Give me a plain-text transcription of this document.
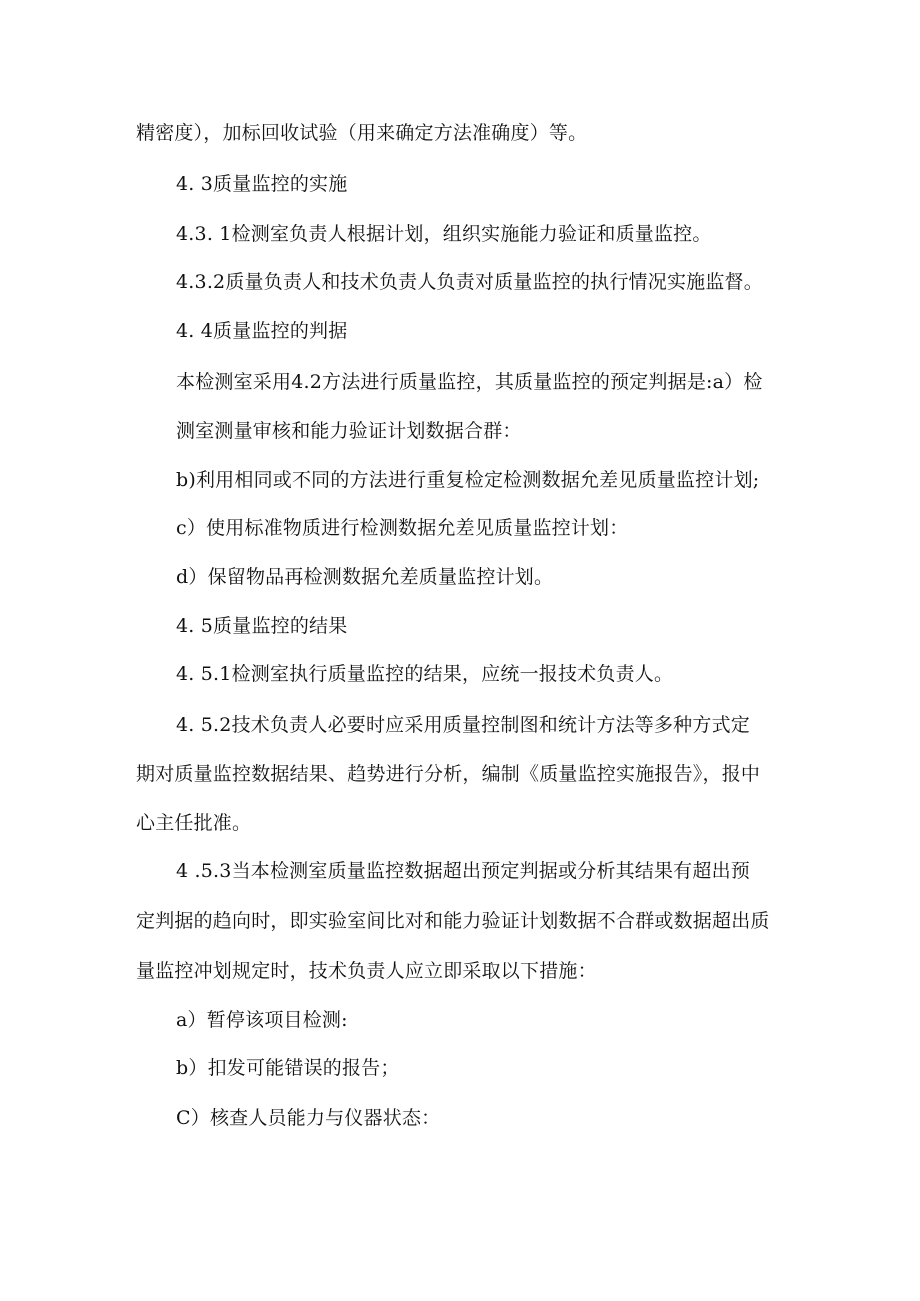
精密度），加标回收试验（用来确定方法准确度）等。
4. 3质量监控的实施
4.3. 1检测室负责人根据计划，组织实施能力验证和质量监控。
4.3.2质量负责人和技术负责人负责对质量监控的执行情况实施监督。
4. 4质量监控的判据
本检测室采用4.2方法进行质量监控，其质量监控的预定判据是:a）检
测室测量审核和能力验证计划数据合群：
b)利用相同或不同的方法进行重复检定检测数据允差见质量监控计划;
c）使用标准物质进行检测数据允差见质量监控计划：
d）保留物品再检测数据允差质量监控计划。
4. 5质量监控的结果
4. 5.1检测室执行质量监控的结果，应统一报技术负责人。
4. 5.2技术负责人必要时应采用质量控制图和统计方法等多种方式定
期对质量监控数据结果、趋势进行分析，编制《质量监控实施报告》，报中
心主任批准。
4 .5.3当本检测室质量监控数据超出预定判据或分析其结果有超出预
定判据的趋向时，即实验室间比对和能力验证计划数据不合群或数据超出质
量监控冲划规定时，技术负责人应立即采取以下措施：
a）暂停该项目检测:
b）扣发可能错误的报告；
C）核查人员能力与仪器状态：
